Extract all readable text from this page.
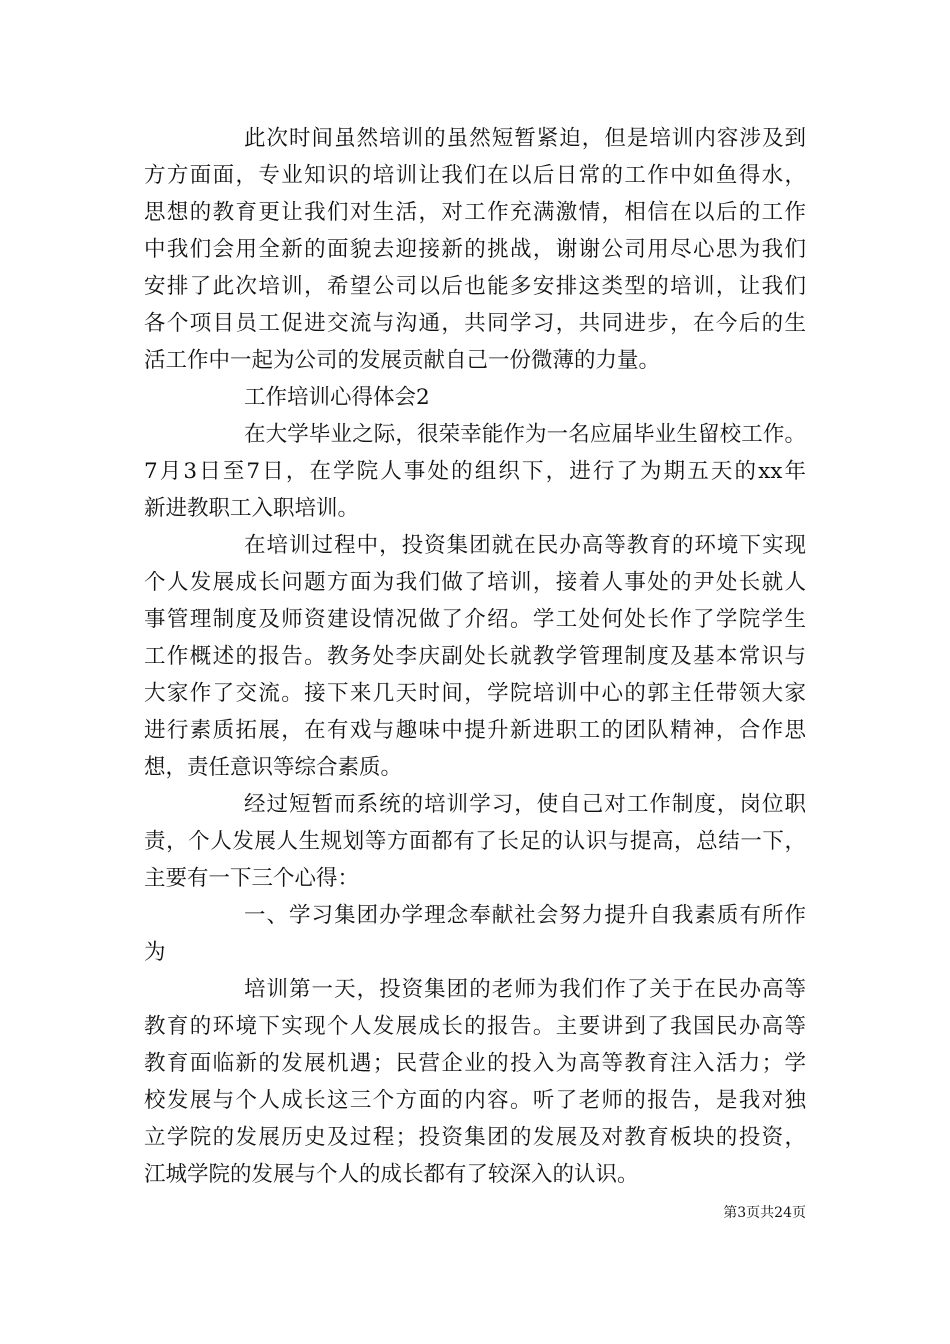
此次时间虽然培训的虽然短暂紧迫，但是培训内容涉及到
方方面面，专业知识的培训让我们在以后日常的工作中如鱼得水，
思想的教育更让我们对生活，对工作充满激情，相信在以后的工作
中我们会用全新的面貌去迎接新的挑战，谢谢公司用尽心思为我们
安排了此次培训，希望公司以后也能多安排这类型的培训，让我们
各个项目员工促进交流与沟通，共同学习，共同进步，在今后的生
活工作中一起为公司的发展贡献自己一份微薄的力量。
工作培训心得体会2
在大学毕业之际，很荣幸能作为一名应届毕业生留校工作。
7月3日至7日，在学院人事处的组织下，进行了为期五天的xx年
新进教职工入职培训。
在培训过程中，投资集团就在民办高等教育的环境下实现
个人发展成长问题方面为我们做了培训，接着人事处的尹处长就人
事管理制度及师资建设情况做了介绍。学工处何处长作了学院学生
工作概述的报告。教务处李庆副处长就教学管理制度及基本常识与
大家作了交流。接下来几天时间，学院培训中心的郭主任带领大家
进行素质拓展，在有戏与趣味中提升新进职工的团队精神，合作思
想，责任意识等综合素质。
经过短暂而系统的培训学习，使自己对工作制度，岗位职
责，个人发展人生规划等方面都有了长足的认识与提高，总结一下，
主要有一下三个心得：
一、学习集团办学理念奉献社会努力提升自我素质有所作
为
培训第一天，投资集团的老师为我们作了关于在民办高等
教育的环境下实现个人发展成长的报告。主要讲到了我国民办高等
教育面临新的发展机遇；民营企业的投入为高等教育注入活力；学
校发展与个人成长这三个方面的内容。听了老师的报告，是我对独
立学院的发展历史及过程；投资集团的发展及对教育板块的投资，
江城学院的发展与个人的成长都有了较深入的认识。
第3页共24页
